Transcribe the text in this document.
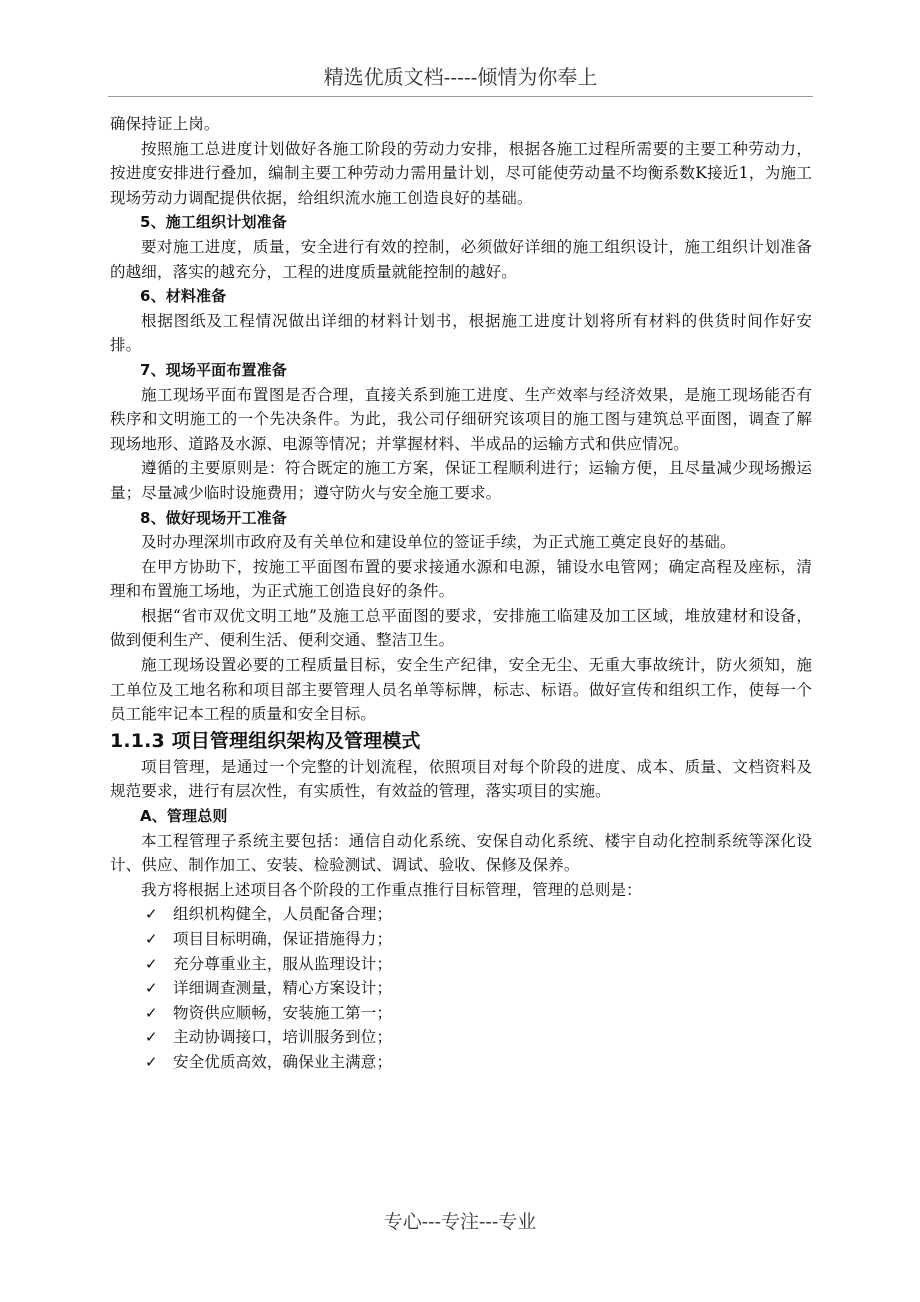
精选优质文档-----倾情为你奉上

确保持证上岗。

按照施工总进度计划做好各施工阶段的劳动力安排，根据各施工过程所需要的主要工种劳动力，按进度安排进行叠加，编制主要工种劳动力需用量计划，尽可能使劳动量不均衡系数K接近1，为施工现场劳动力调配提供依据，给组织流水施工创造良好的基础。

5、施工组织计划准备

要对施工进度，质量，安全进行有效的控制，必须做好详细的施工组织设计，施工组织计划准备的越细，落实的越充分，工程的进度质量就能控制的越好。

6、材料准备

根据图纸及工程情况做出详细的材料计划书，根据施工进度计划将所有材料的供货时间作好安排。

7、现场平面布置准备

施工现场平面布置图是否合理，直接关系到施工进度、生产效率与经济效果，是施工现场能否有秩序和文明施工的一个先决条件。为此，我公司仔细研究该项目的施工图与建筑总平面图，调查了解现场地形、道路及水源、电源等情况；并掌握材料、半成品的运输方式和供应情况。

遵循的主要原则是：符合既定的施工方案，保证工程顺利进行；运输方便，且尽量减少现场搬运量；尽量减少临时设施费用；遵守防火与安全施工要求。

8、做好现场开工准备

及时办理深圳市政府及有关单位和建设单位的签证手续，为正式施工奠定良好的基础。

在甲方协助下，按施工平面图布置的要求接通水源和电源，铺设水电管网；确定高程及座标，清理和布置施工场地，为正式施工创造良好的条件。

根据“省市双优文明工地”及施工总平面图的要求，安排施工临建及加工区域，堆放建材和设备，做到便利生产、便利生活、便利交通、整洁卫生。

施工现场设置必要的工程质量目标，安全生产纪律，安全无尘、无重大事故统计，防火须知，施工单位及工地名称和项目部主要管理人员名单等标牌，标志、标语。做好宣传和组织工作，使每一个员工能牢记本工程的质量和安全目标。

1.1.3 项目管理组织架构及管理模式

项目管理，是通过一个完整的计划流程，依照项目对每个阶段的进度、成本、质量、文档资料及规范要求，进行有层次性，有实质性，有效益的管理，落实项目的实施。

A、管理总则

本工程管理子系统主要包括：通信自动化系统、安保自动化系统、楼宇自动化控制系统等深化设计、供应、制作加工、安装、检验测试、调试、验收、保修及保养。

我方将根据上述项目各个阶段的工作重点推行目标管理，管理的总则是：

✓ 组织机构健全，人员配备合理；
✓ 项目目标明确，保证措施得力；
✓ 充分尊重业主，服从监理设计；
✓ 详细调查测量，精心方案设计；
✓ 物资供应顺畅，安装施工第一；
✓ 主动协调接口，培训服务到位；
✓ 安全优质高效，确保业主满意；
专心---专注---专业
